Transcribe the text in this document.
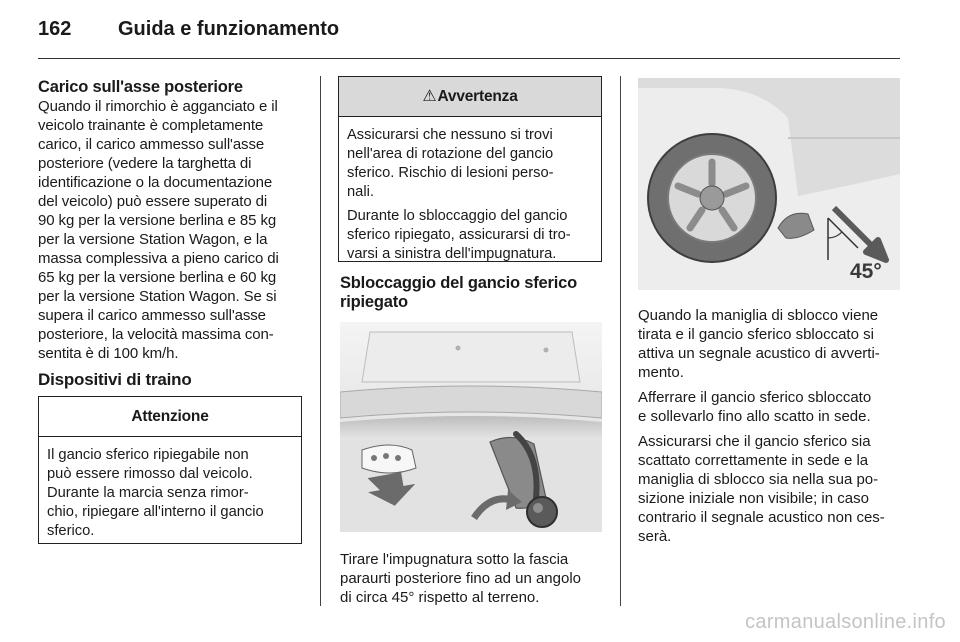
162 Guida e funzionamento
Carico sull'asse posteriore
Quando il rimorchio è agganciato e il
veicolo trainante è completamente
carico, il carico ammesso sull'asse
posteriore (vedere la targhetta di
identificazione o la documentazione
del veicolo) può essere superato di
90 kg per la versione berlina e 85 kg
per la versione Station Wagon, e la
massa complessiva a pieno carico di
65 kg per la versione berlina e 60 kg
per la versione Station Wagon. Se si
supera il carico ammesso sull'asse
posteriore, la velocità massima con-
sentita è di 100 km/h.
Dispositivi di traino
Attenzione
Il gancio sferico ripiegabile non
può essere rimosso dal veicolo.
Durante la marcia senza rimor-
chio, ripiegare all'interno il gancio
sferico.
⚠Avvertenza

Assicurarsi che nessuno si trovi
nell'area di rotazione del gancio
sferico. Rischio di lesioni perso-
nali.

Durante lo sbloccaggio del gancio
sferico ripiegato, assicurarsi di tro-
varsi a sinistra dell'impugnatura.

Sbloccaggio del gancio sferico
ripiegato
Tirare l'impugnatura sotto la fascia
paraurti posteriore fino ad un angolo
di circa 45° rispetto al terreno.
45°

Quando la maniglia di sblocco viene
tirata e il gancio sferico sbloccato si
attiva un segnale acustico di avverti-
mento.

Afferrare il gancio sferico sbloccato
e sollevarlo fino allo scatto in sede.

Assicurarsi che il gancio sferico sia
scattato correttamente in sede e la
maniglia di sblocco sia nella sua po-
sizione iniziale non visibile; in caso
contrario il segnale acustico non ces-
serà.

carmanualsonline.info
